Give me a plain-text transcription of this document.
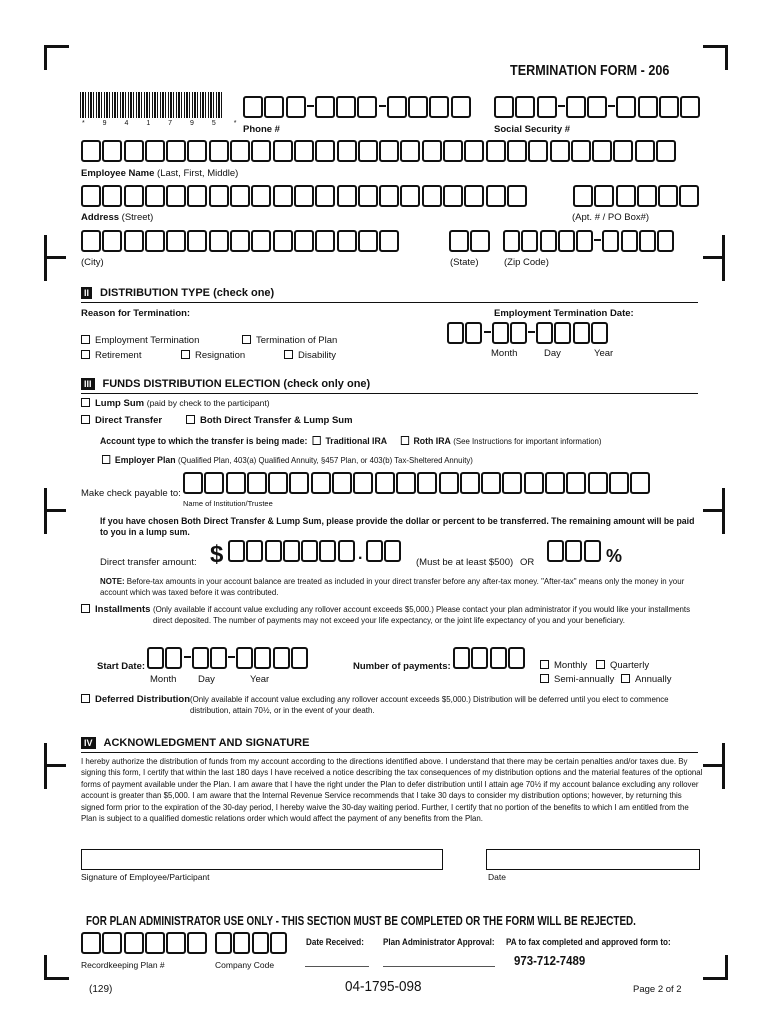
TERMINATION FORM - 206
* 9 4 1 7 9 5 *
Phone #	Social Security #
Employee Name (Last, First, Middle)
Address (Street)	(Apt. # / PO Box#)
(City)	(State)	(Zip Code)
II DISTRIBUTION TYPE (check one)
Reason for Termination:	Employment Termination Date:
Employment Termination	Termination of Plan
Retirement	Resignation	Disability	Month	Day	Year
III FUNDS DISTRIBUTION ELECTION (check only one)
Lump Sum (paid by check to the participant)
Direct Transfer	Both Direct Transfer & Lump Sum
Account type to which the transfer is being made: Traditional IRA	Roth IRA (See Instructions for important information)
Employer Plan (Qualified Plan, 403(a) Qualified Annuity, §457 Plan, or 403(b) Tax-Sheltered Annuity)
Make check payable to:
Name of Institution/Trustee
If you have chosen Both Direct Transfer & Lump Sum, please provide the dollar or percent to be transferred. The remaining amount will be paid to you in a lump sum.
Direct transfer amount: $	.	(Must be at least $500) OR	%
NOTE: Before-tax amounts in your account balance are treated as included in your direct transfer before any after-tax money. "After-tax" means only the money in your account which was taxed before it was contributed.
Installments (Only available if account value excluding any rollover account exceeds $5,000.) Please contact your plan administrator if you would like your installments direct deposited. The number of payments may not exceed your life expectancy, or the joint life expectancy of you and your beneficiary.
Start Date:
Month Day	Year
Number of payments:	Monthly	Quarterly
Semi-annually	Annually
Deferred Distribution (Only available if account value excluding any rollover account exceeds $5,000.) Distribution will be deferred until you elect to commence distribution, attain 70½, or in the event of your death.
IV ACKNOWLEDGMENT AND SIGNATURE
I hereby authorize the distribution of funds from my account according to the directions identified above. I understand that there may be certain penalties and/or taxes due. By signing this form, I certify that within the last 180 days I have received a notice describing the tax consequences of my distribution options and the material features of the optional forms of payment available under the Plan. I am aware that I have the right under the Plan to defer distribution until I attain age 70½ if my account balance excluding any rollover account is greater than $5,000. I am aware that the Internal Revenue Service recommends that I take 30 days to consider my distribution options; however, by returning this signed form prior to the expiration of the 30-day period, I hereby waive the 30-day waiting period. Further, I certify that no portion of the benefits to which I am entitled from the Plan is subject to a qualified domestic relations order which would affect the payment of any benefits from the Plan.
Signature of Employee/Participant	Date
FOR PLAN ADMINISTRATOR USE ONLY - THIS SECTION MUST BE COMPLETED OR THE FORM WILL BE REJECTED.
Recordkeeping Plan #	Company Code
Date Received: Plan Administrator Approval: PA to fax completed and approved form to:
973-712-7489
(129)	04-1795-098	Page 2 of 2
